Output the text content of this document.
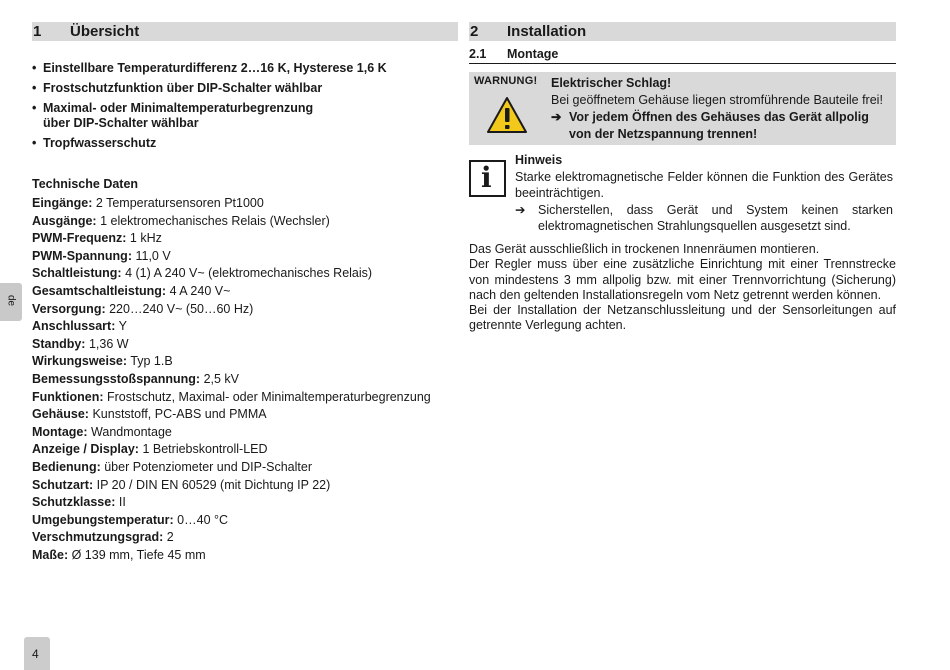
de
4
1	Übersicht
• Einstellbare Temperaturdifferenz 2…16 K, Hysterese 1,6 K
• Frostschutzfunktion über DIP-Schalter wählbar
• Maximal- oder Minimaltemperaturbegrenzung
über DIP-Schalter wählbar
• Tropfwasserschutz
Technische Daten
Eingänge: 2 Temperatursensoren Pt1000
Ausgänge: 1 elektromechanisches Relais (Wechsler)
PWM-Frequenz: 1 kHz
PWM-Spannung: 11,0 V
Schaltleistung: 4 (1) A 240 V~ (elektromechanisches Relais)
Gesamtschaltleistung: 4 A 240 V~
Versorgung: 220…240 V~ (50…60 Hz)
Anschlussart: Y
Standby: 1,36 W
Wirkungsweise: Typ 1.B
Bemessungsstoßspannung: 2,5 kV
Funktionen: Frostschutz, Maximal- oder Minimaltemperaturbegrenzung
Gehäuse: Kunststoff, PC-ABS und PMMA
Montage: Wandmontage
Anzeige / Display: 1 Betriebskontroll-LED
Bedienung: über Potenziometer und DIP-Schalter
Schutzart: IP 20 / DIN EN 60529 (mit Dichtung IP 22)
Schutzklasse: II
Umgebungstemperatur: 0…40 °C
Verschmutzungsgrad: 2
Maße: Ø 139 mm, Tiefe 45 mm
2	Installation
2.1	Montage
WARNUNG! Elektrischer Schlag!
Bei geöffnetem Gehäuse liegen stromführende Bauteile frei!
➔ Vor jedem Öffnen des Gehäuses das Gerät allpolig
von der Netzspannung trennen!
i
Hinweis
Starke elektromagnetische Felder können die Funktion des Gerätes beeinträchtigen.
➔ Sicherstellen, dass Gerät und System keinen starken elektromagnetischen Strahlungsquellen ausgesetzt sind.

Das Gerät ausschließlich in trockenen Innenräumen montieren.

Der Regler muss über eine zusätzliche Einrichtung mit einer Trennstrecke von mindestens 3 mm allpolig bzw. mit einer Trennvorrichtung (Sicherung) nach den geltenden Installationsregeln vom Netz getrennt werden können.

Bei der Installation der Netzanschlussleitung und der Sensorleitungen auf getrennte Verlegung achten.
